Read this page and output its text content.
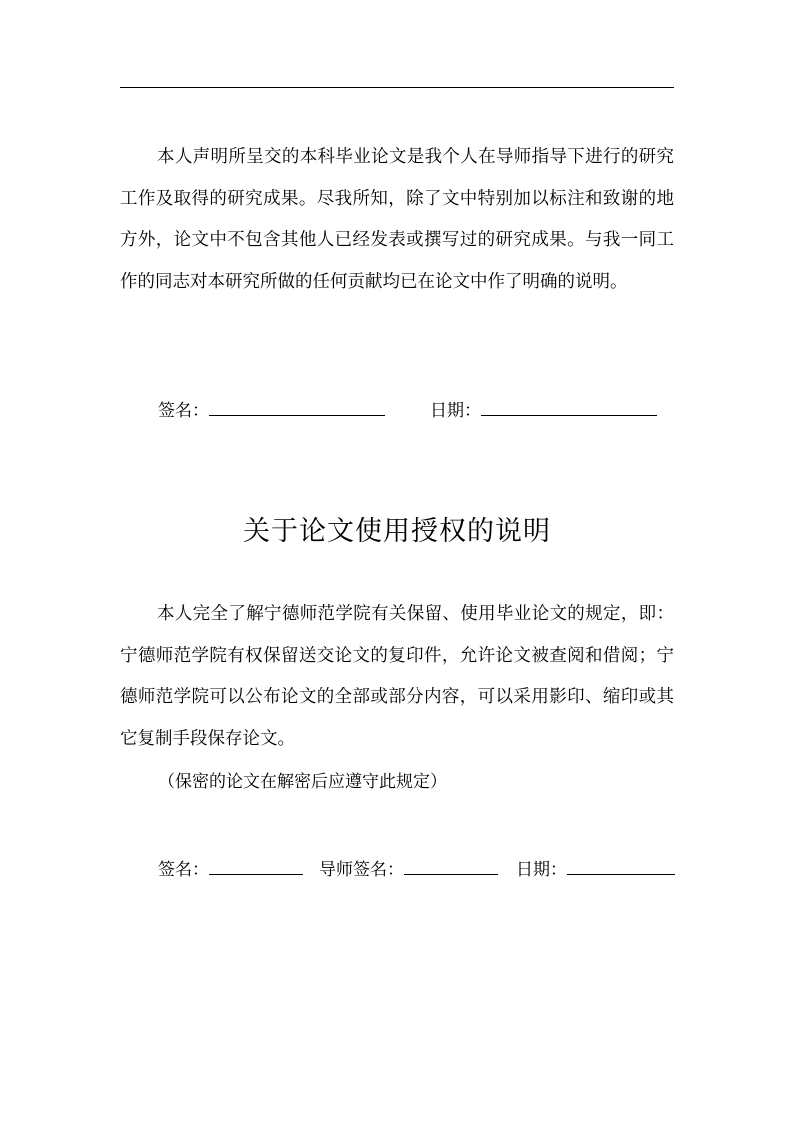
本人声明所呈交的本科毕业论文是我个人在导师指导下进行的研究工作及取得的研究成果。尽我所知，除了文中特别加以标注和致谢的地方外，论文中不包含其他人已经发表或撰写过的研究成果。与我一同工作的同志对本研究所做的任何贡献均已在论文中作了明确的说明。

签名：	日期：
关于论文使用授权的说明

本人完全了解宁德师范学院有关保留、使用毕业论文的规定，即：宁德师范学院有权保留送交论文的复印件，允许论文被查阅和借阅；宁德师范学院可以公布论文的全部或部分内容，可以采用影印、缩印或其它复制手段保存论文。

（保密的论文在解密后应遵守此规定）
签名：	导师签名：	日期：
